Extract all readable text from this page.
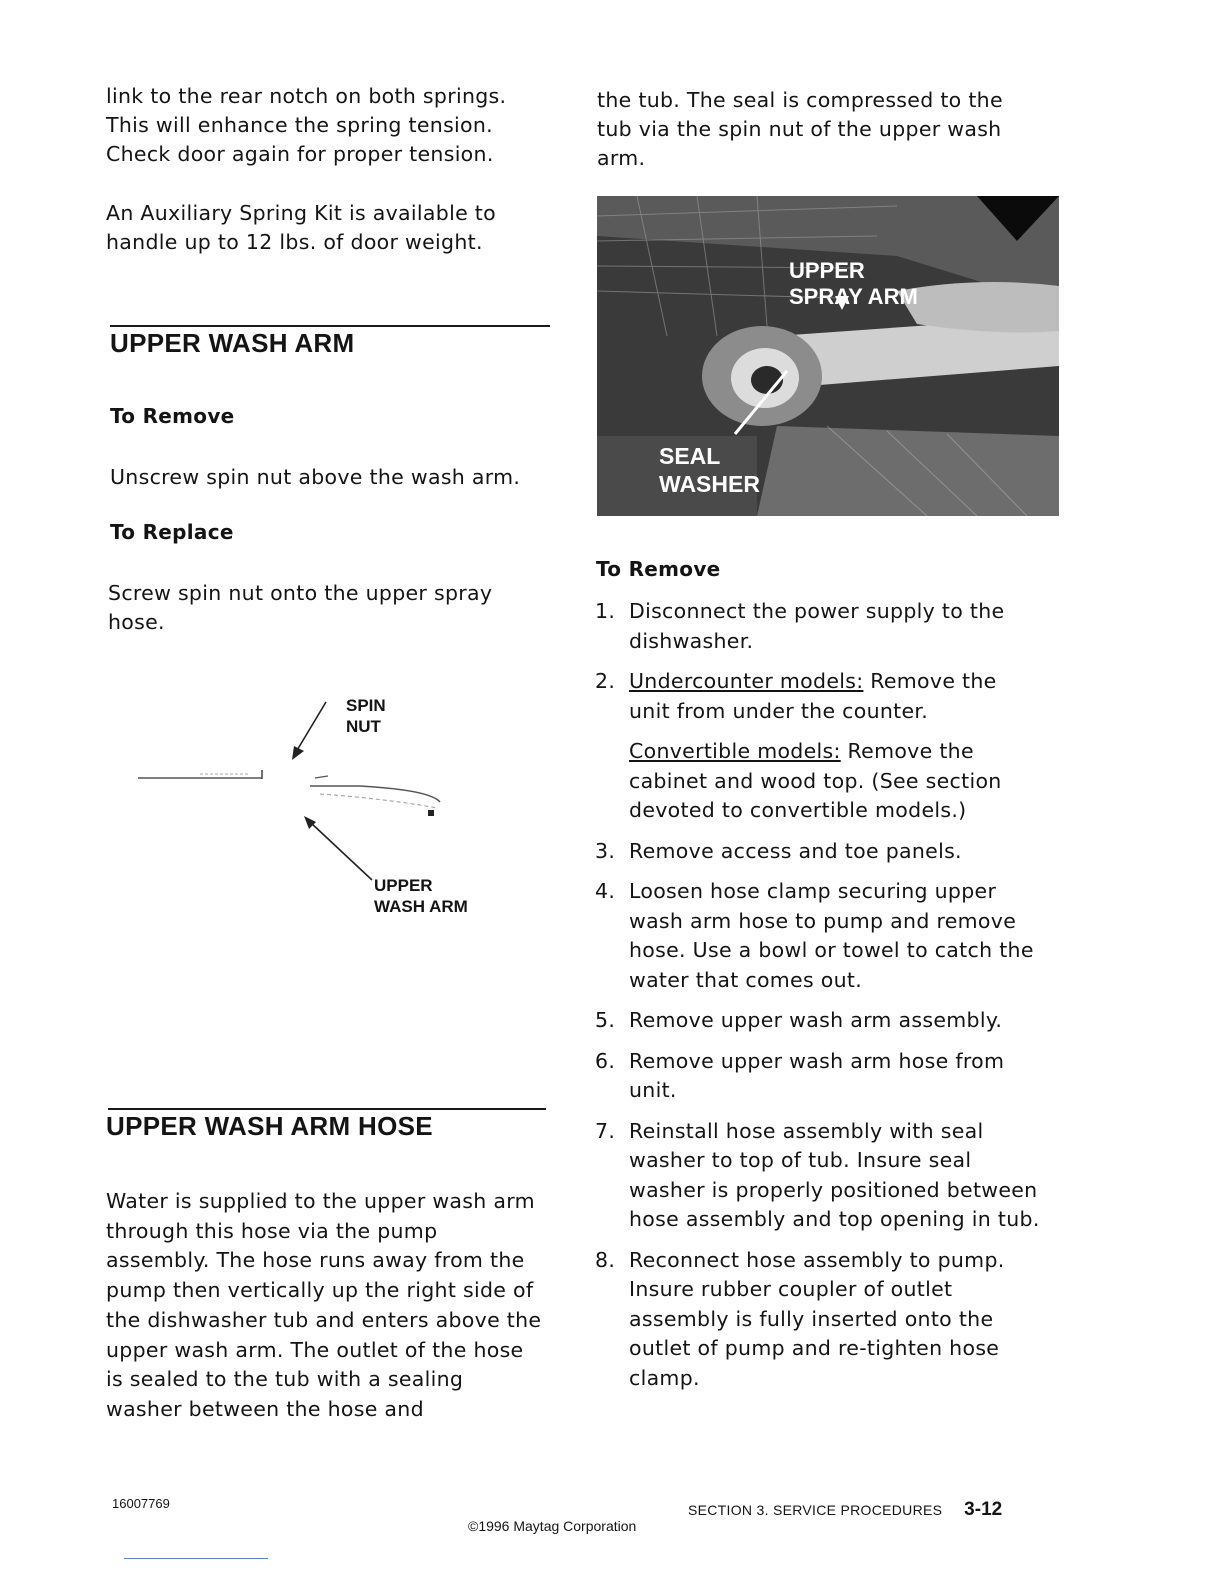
link to the rear notch on both springs. This will enhance the spring tension. Check door again for proper tension.

An Auxiliary Spring Kit is available to handle up to 12 lbs. of door weight.

UPPER WASH ARM
To Remove

Unscrew spin nut above the wash arm.

To Replace

Screw spin nut onto the upper spray hose.

SPIN
NUT
UPPER
WASH ARM
UPPER WASH ARM HOSE

Water is supplied to the upper wash arm through this hose via the pump assembly. The hose runs away from the pump then vertically up the right side of the dishwasher tub and enters above the upper wash arm. The outlet of the hose is sealed to the tub with a sealing washer between the hose and

the tub. The seal is compressed to the tub via the spin nut of the upper wash arm.

UPPER
SPRAY ARM
SEAL
WASHER
To Remove
1. Disconnect the power supply to the dishwasher.
2. Undercounter models: Remove the unit from under the counter.
Convertible models: Remove the cabinet and wood top. (See section devoted to convertible models.)
3. Remove access and toe panels.
4. Loosen hose clamp securing upper wash arm hose to pump and remove hose. Use a bowl or towel to catch the water that comes out.
5. Remove upper wash arm assembly.
6. Remove upper wash arm hose from unit.
7. Reinstall hose assembly with seal washer to top of tub. Insure seal washer is properly positioned between hose assembly and top opening in tub.
8. Reconnect hose assembly to pump. Insure rubber coupler of outlet assembly is fully inserted onto the outlet of pump and re-tighten hose clamp.
16007769	SECTION 3. SERVICE PROCEDURES 3-12
©1996 Maytag Corporation
